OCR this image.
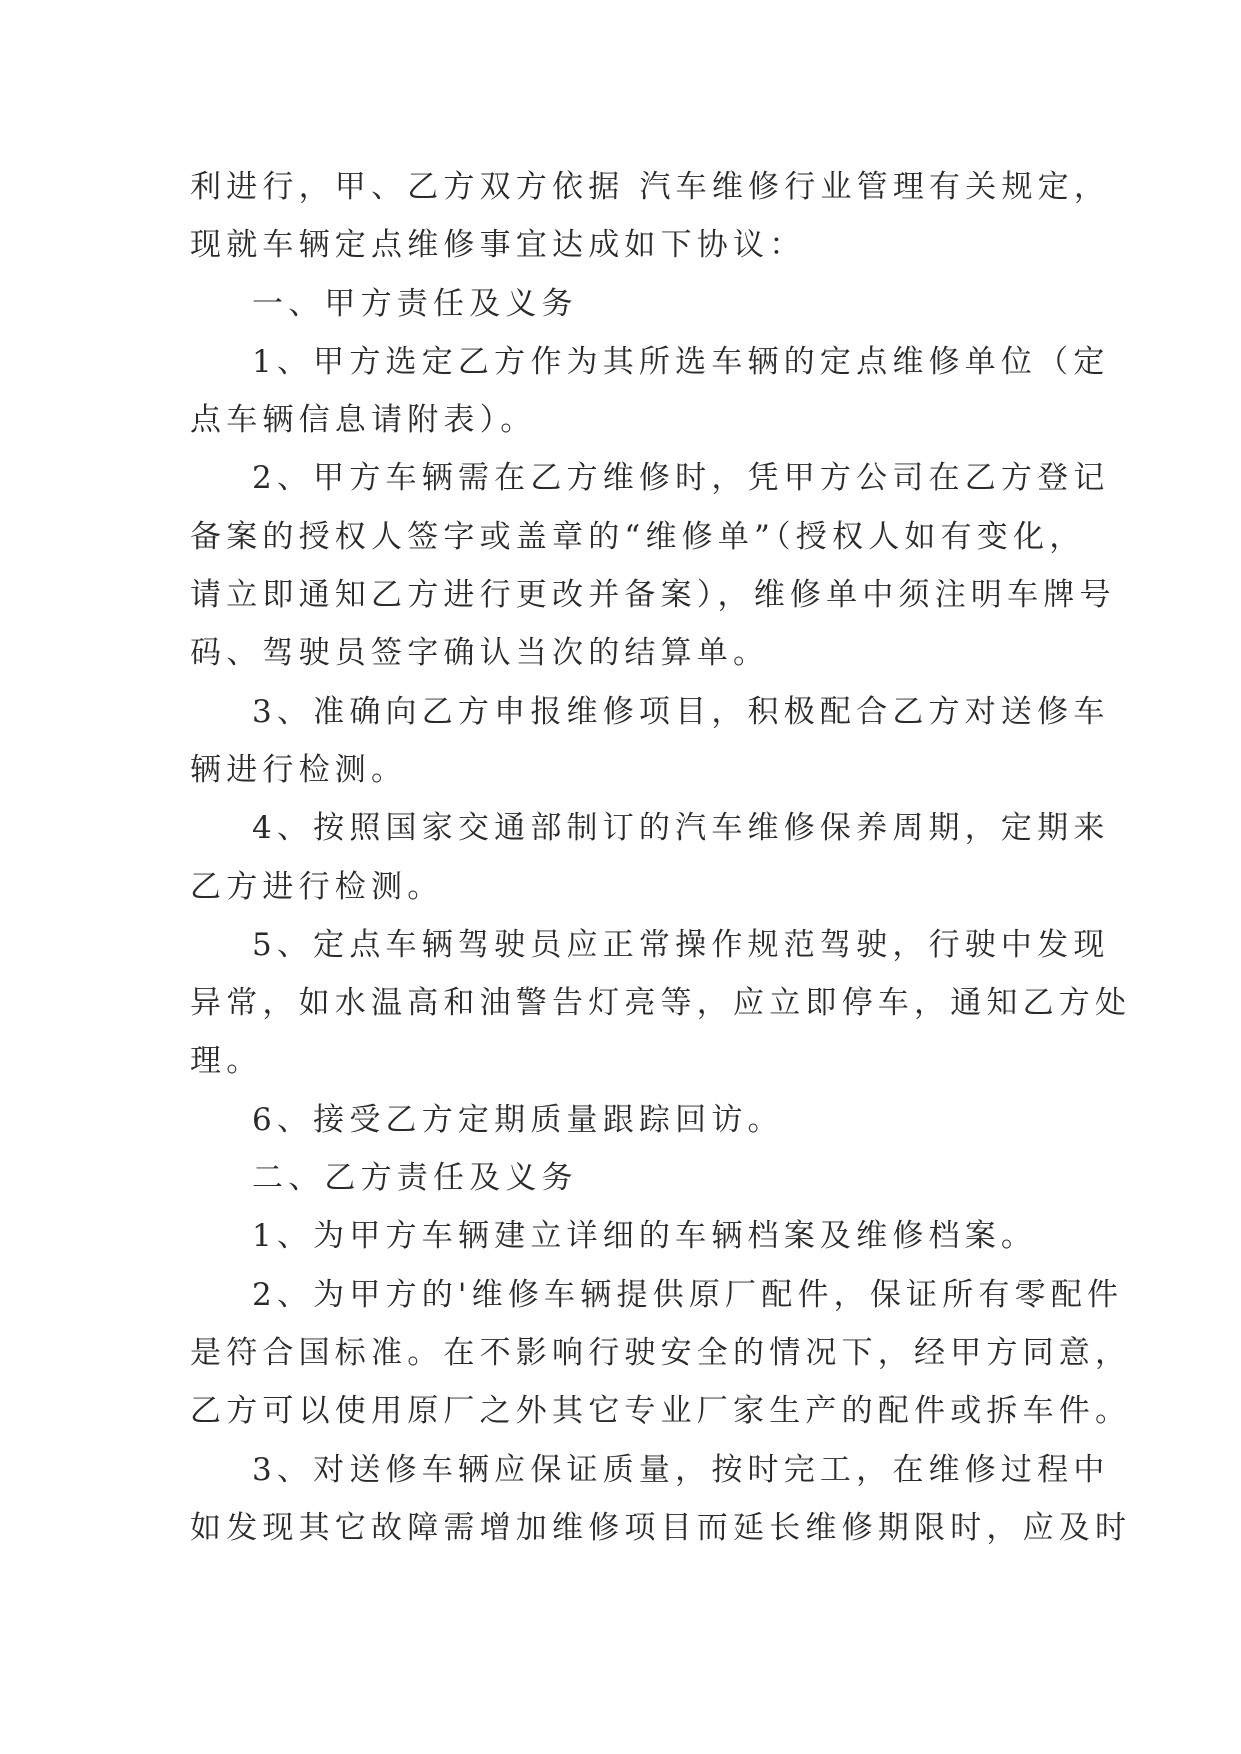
利进行，甲、乙方双方依据 汽车维修行业管理有关规定，
现就车辆定点维修事宜达成如下协议：
一、甲方责任及义务
1、甲方选定乙方作为其所选车辆的定点维修单位（定
点车辆信息请附表）。
2、甲方车辆需在乙方维修时，凭甲方公司在乙方登记
备案的授权人签字或盖章的“维修单”（授权人如有变化，
请立即通知乙方进行更改并备案），维修单中须注明车牌号
码、驾驶员签字确认当次的结算单。
3、准确向乙方申报维修项目，积极配合乙方对送修车
辆进行检测。
4、按照国家交通部制订的汽车维修保养周期，定期来
乙方进行检测。
5、定点车辆驾驶员应正常操作规范驾驶，行驶中发现
异常，如水温高和油警告灯亮等，应立即停车，通知乙方处
理。
6、接受乙方定期质量跟踪回访。
二、乙方责任及义务
1、为甲方车辆建立详细的车辆档案及维修档案。
2、为甲方的'维修车辆提供原厂配件，保证所有零配件
是符合国标准。在不影响行驶安全的情况下，经甲方同意，
乙方可以使用原厂之外其它专业厂家生产的配件或拆车件。
3、对送修车辆应保证质量，按时完工，在维修过程中
如发现其它故障需增加维修项目而延长维修期限时，应及时
